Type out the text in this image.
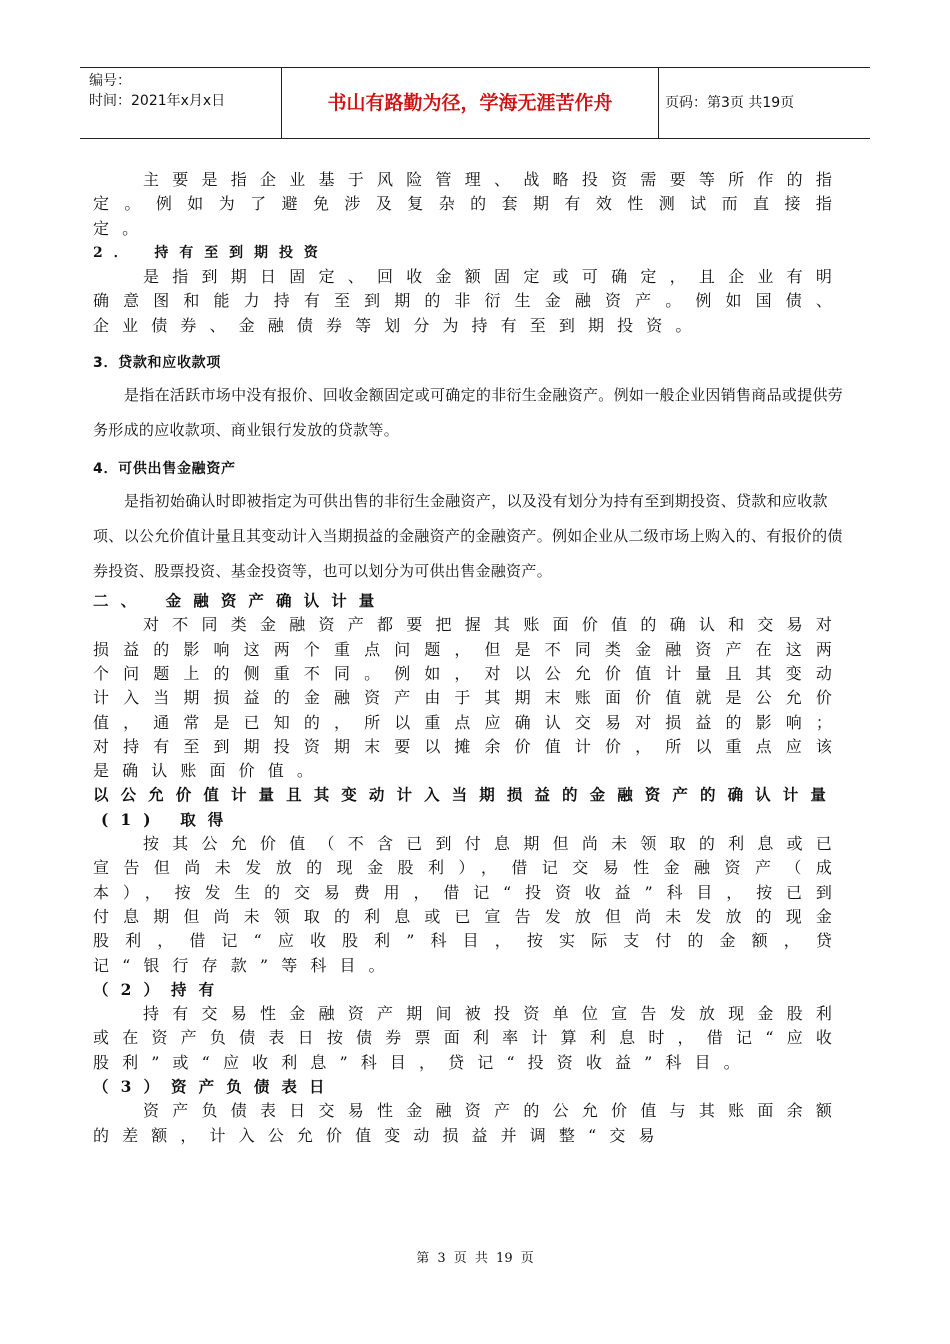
编号：
时间：2021年x月x日	书山有路勤为径，学海无涯苦作舟	页码：第3页 共19页
主要是指企业基于风险管理、战略投资需要等所作的指定。例如为了避免涉及复杂的套期有效性测试而直接指定。
2． 持有至到期投资
是指到期日固定、回收金额固定或可确定，且企业有明确意图和能力持有至到期的非衍生金融资产。例如国债、企业债券、金融债券等划分为持有至到期投资。
3．贷款和应收款项
是指在活跃市场中没有报价、回收金额固定或可确定的非衍生金融资产。例如一般企业因销售商品或提供劳务形成的应收款项、商业银行发放的贷款等。
4．可供出售金融资产
是指初始确认时即被指定为可供出售的非衍生金融资产，以及没有划分为持有至到期投资、贷款和应收款项、以公允价值计量且其变动计入当期损益的金融资产的金融资产。例如企业从二级市场上购入的、有报价的债券投资、股票投资、基金投资等，也可以划分为可供出售金融资产。
二、 金融资产确认计量
对不同类金融资产都要把握其账面价值的确认和交易对损益的影响这两个重点问题，但是不同类金融资产在这两个问题上的侧重不同。例如，对以公允价值计量且其变动计入当期损益的金融资产由于其期末账面价值就是公允价值，通常是已知的，所以重点应确认交易对损益的影响；对持有至到期投资期末要以摊余价值计价，所以重点应该是确认账面价值。
以公允价值计量且其变动计入当期损益的金融资产的确认计量
(1) 取得
按其公允价值（不含已到付息期但尚未领取的利息或已宣告但尚未发放的现金股利），借记交易性金融资产（成本），按发生的交易费用，借记“投资收益”科目，按已到付息期但尚未领取的利息或已宣告发放但尚未发放的现金股利，借记“应收股利”科目，按实际支付的金额，贷记“银行存款”等科目。
（2）持有
持有交易性金融资产期间被投资单位宣告发放现金股利或在资产负债表日按债券票面利率计算利息时，借记“应收股利”或“应收利息”科目，贷记“投资收益”科目。
（3）资产负债表日
资产负债表日交易性金融资产的公允价值与其账面余额的差额，计入公允价值变动损益并调整“交易
第 3 页 共 19 页
